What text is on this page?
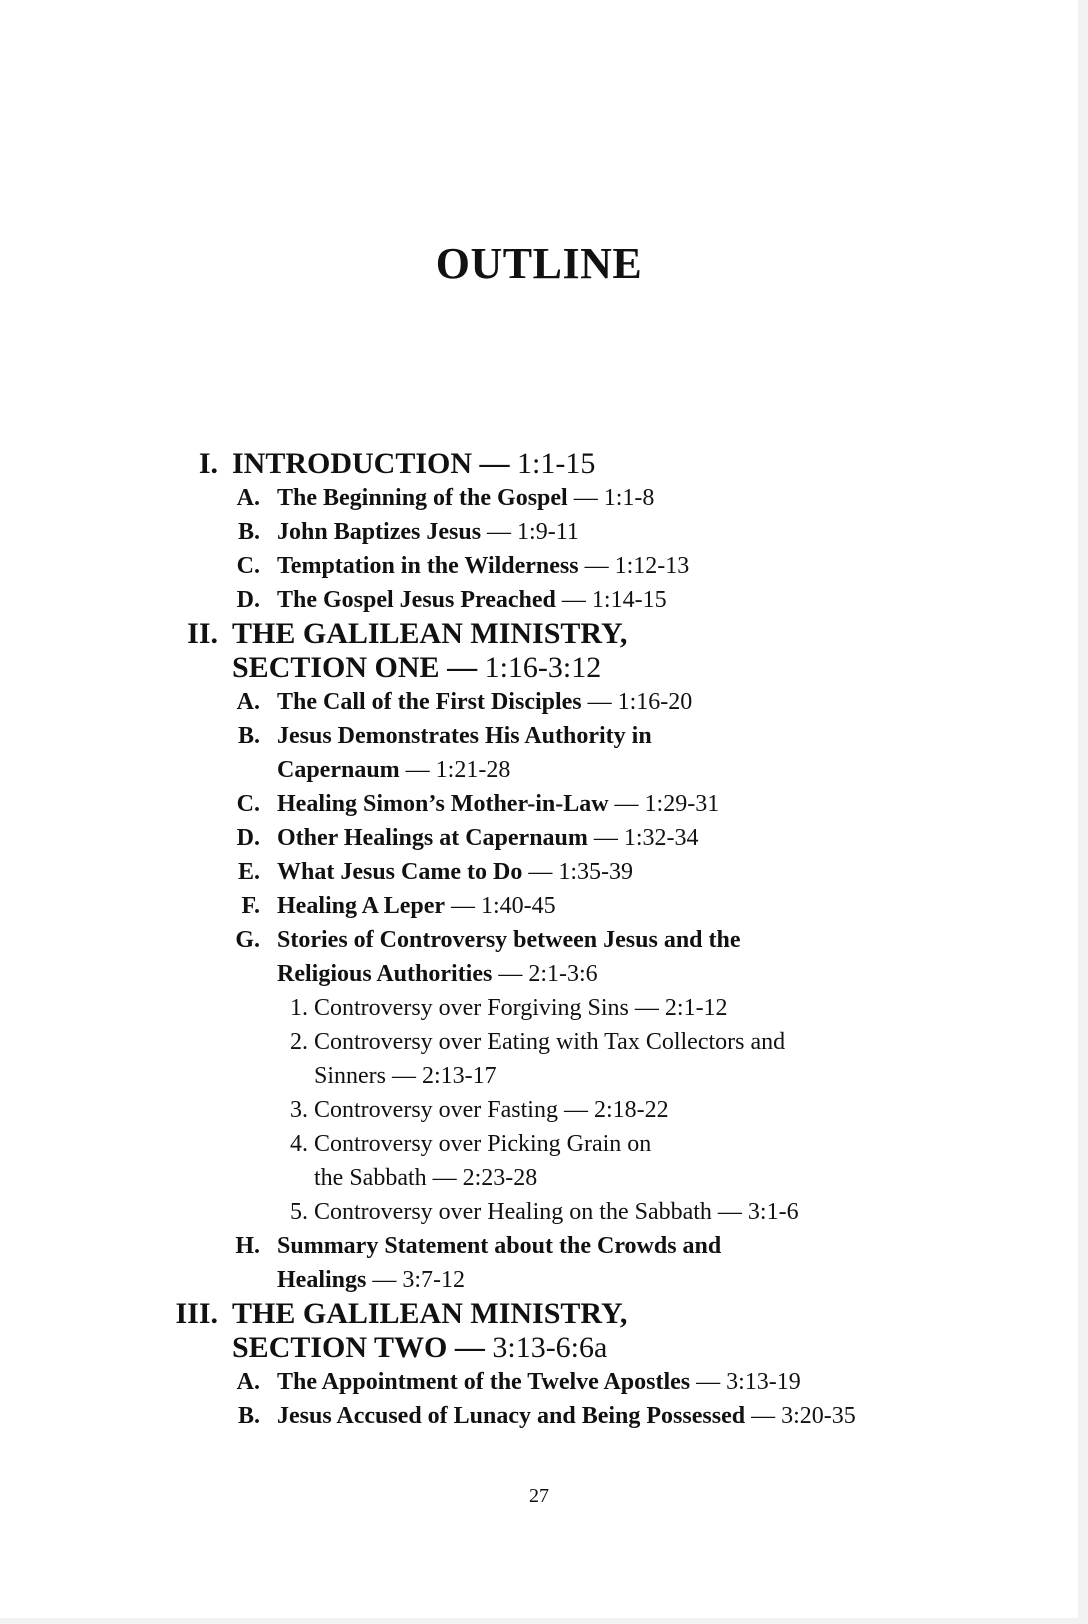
OUTLINE
I. INTRODUCTION — 1:1-15
A. The Beginning of the Gospel — 1:1-8
B. John Baptizes Jesus — 1:9-11
C. Temptation in the Wilderness — 1:12-13
D. The Gospel Jesus Preached — 1:14-15
II. THE GALILEAN MINISTRY,
SECTION ONE — 1:16-3:12
A. The Call of the First Disciples — 1:16-20
B. Jesus Demonstrates His Authority in
Capernaum — 1:21-28
C. Healing Simon’s Mother-in-Law — 1:29-31
D. Other Healings at Capernaum — 1:32-34
E. What Jesus Came to Do — 1:35-39
F. Healing A Leper — 1:40-45
G. Stories of Controversy between Jesus and the
Religious Authorities — 2:1-3:6
1. Controversy over Forgiving Sins — 2:1-12
2. Controversy over Eating with Tax Collectors and
Sinners — 2:13-17
3. Controversy over Fasting — 2:18-22
4. Controversy over Picking Grain on
the Sabbath — 2:23-28
5. Controversy over Healing on the Sabbath — 3:1-6
H. Summary Statement about the Crowds and
Healings — 3:7-12
III. THE GALILEAN MINISTRY,
SECTION TWO — 3:13-6:6a
A. The Appointment of the Twelve Apostles — 3:13-19
B. Jesus Accused of Lunacy and Being Possessed — 3:20-35
27
